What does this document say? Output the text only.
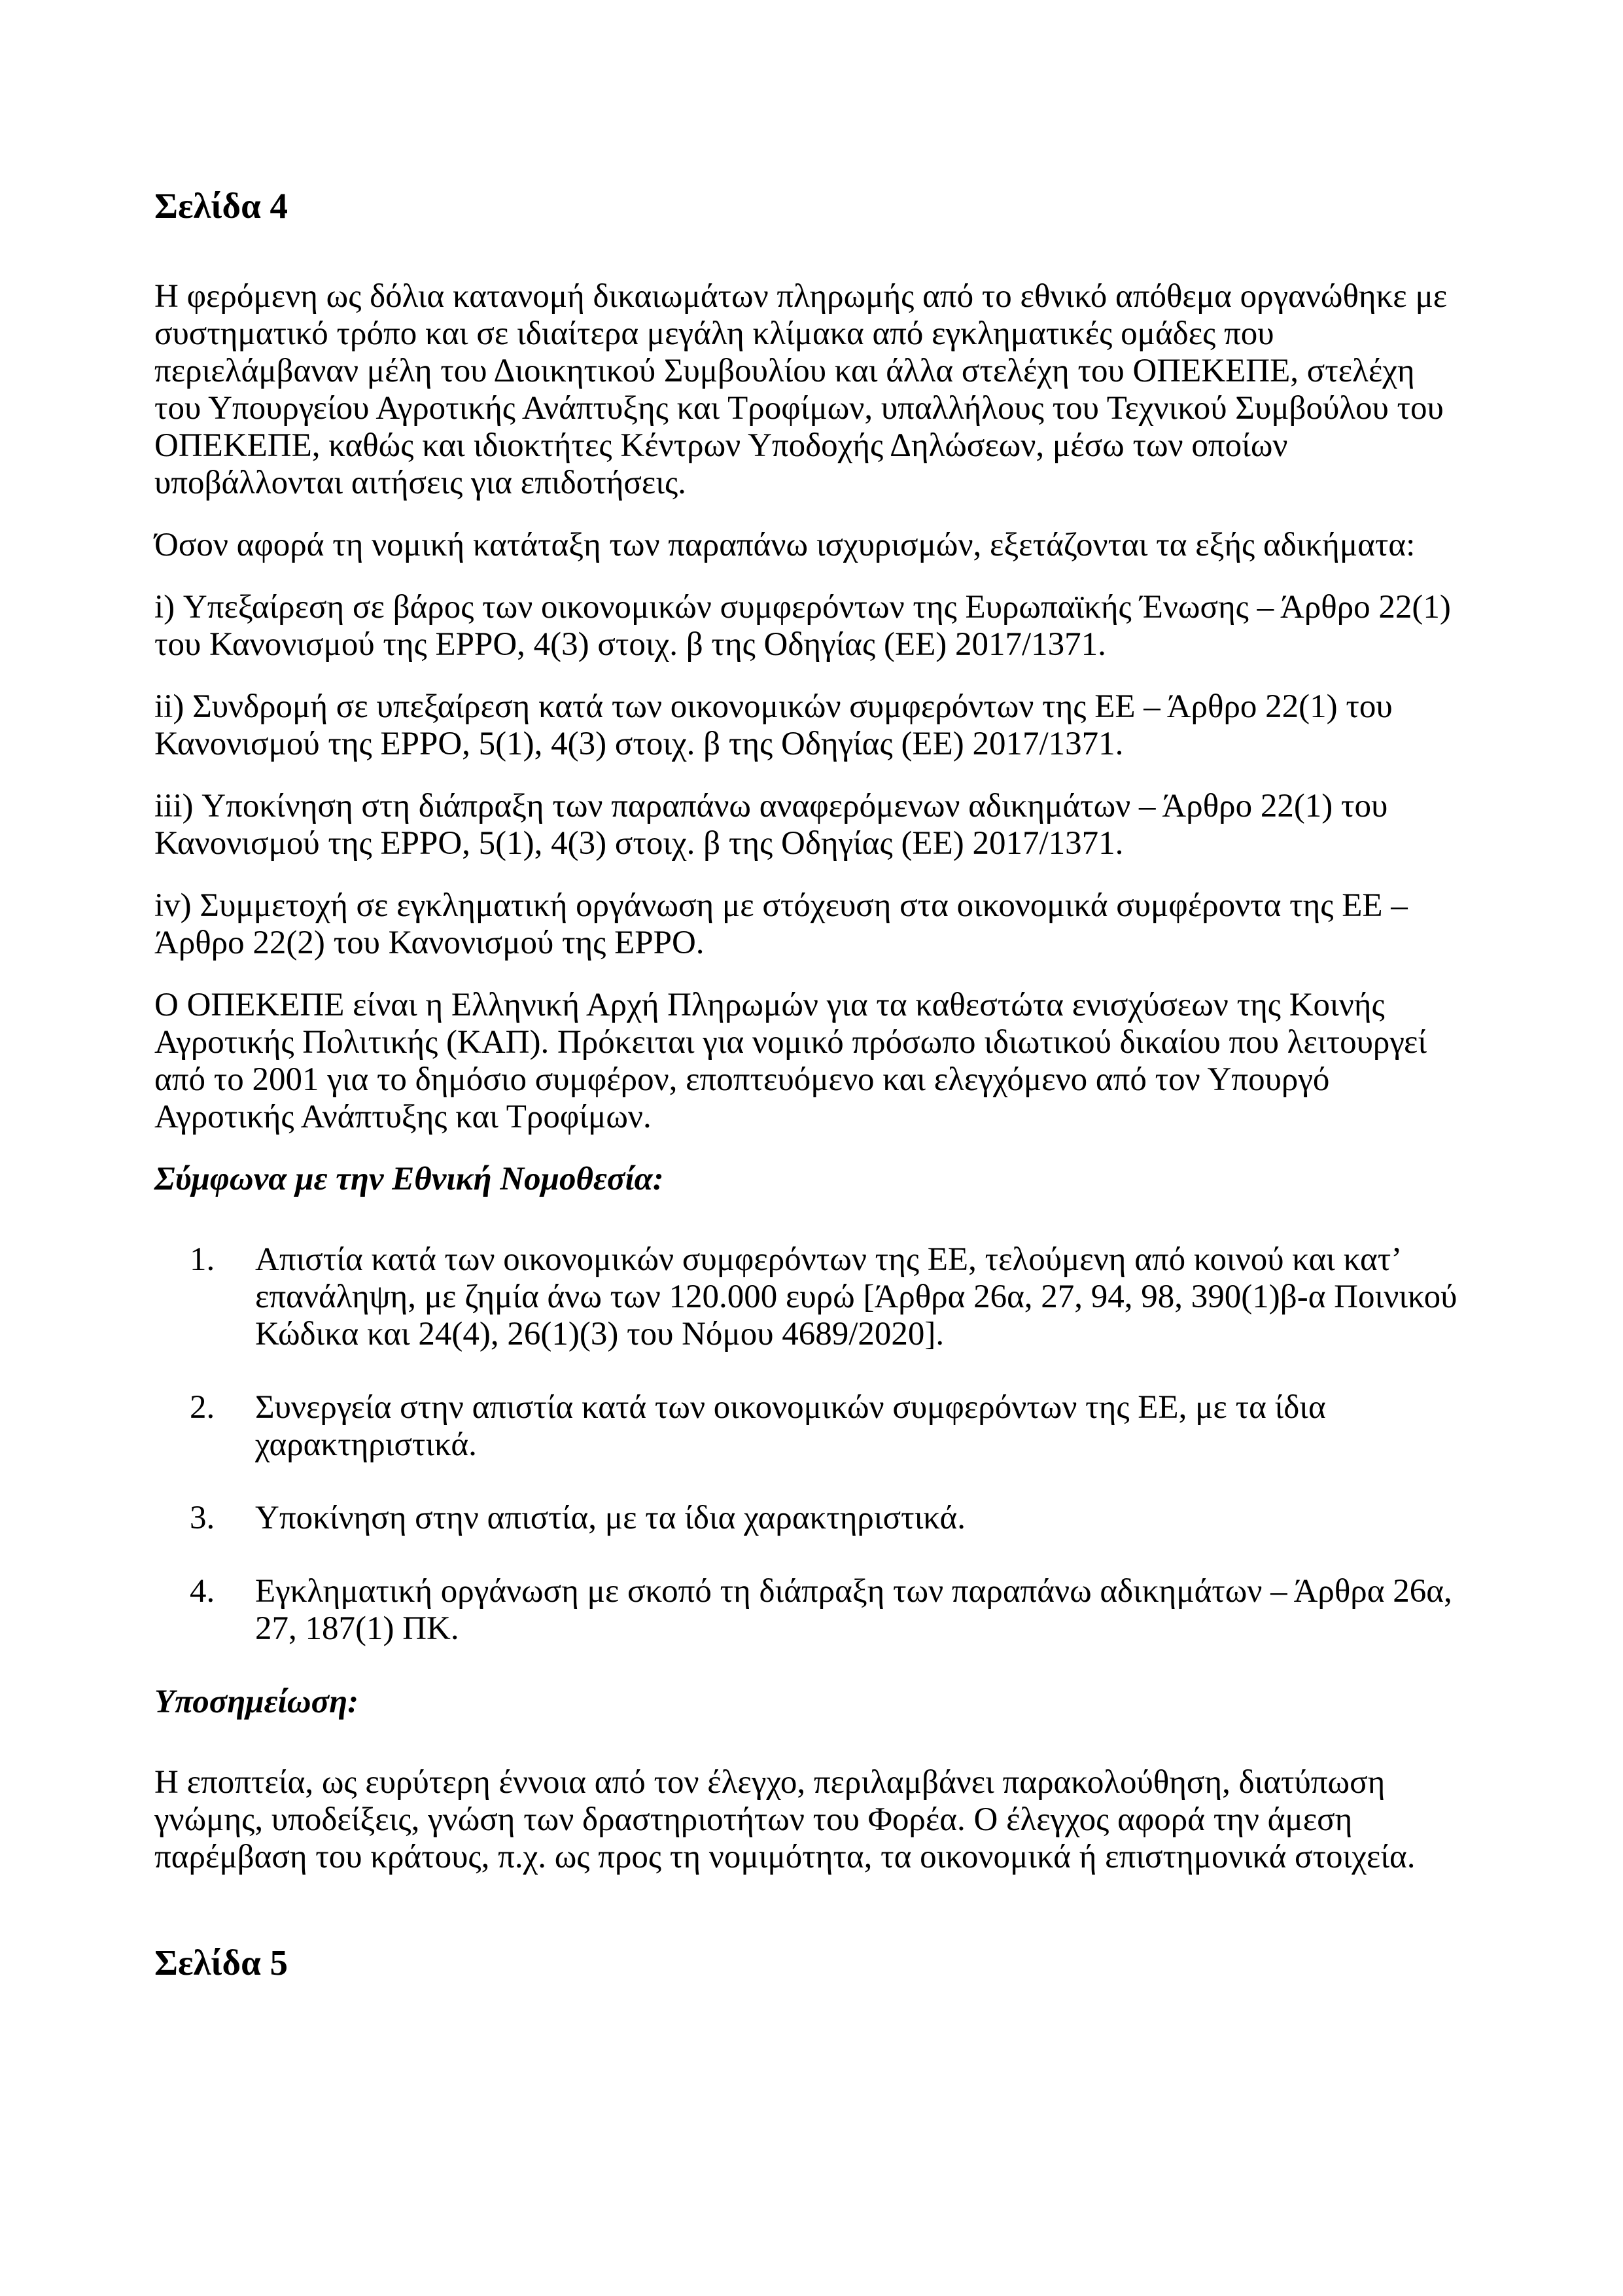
Σελίδα 4

Η φερόμενη ως δόλια κατανομή δικαιωμάτων πληρωμής από το εθνικό απόθεμα οργανώθηκε με συστηματικό τρόπο και σε ιδιαίτερα μεγάλη κλίμακα από εγκληματικές ομάδες που περιελάμβαναν μέλη του Διοικητικού Συμβουλίου και άλλα στελέχη του ΟΠΕΚΕΠΕ, στελέχη του Υπουργείου Αγροτικής Ανάπτυξης και Τροφίμων, υπαλλήλους του Τεχνικού Συμβούλου του ΟΠΕΚΕΠΕ, καθώς και ιδιοκτήτες Κέντρων Υποδοχής Δηλώσεων, μέσω των οποίων υποβάλλονται αιτήσεις για επιδοτήσεις.

Όσον αφορά τη νομική κατάταξη των παραπάνω ισχυρισμών, εξετάζονται τα εξής αδικήματα:

i) Υπεξαίρεση σε βάρος των οικονομικών συμφερόντων της Ευρωπαϊκής Ένωσης – Άρθρο 22(1) του Κανονισμού της EPPO, 4(3) στοιχ. β της Οδηγίας (ΕΕ) 2017/1371.

ii) Συνδρομή σε υπεξαίρεση κατά των οικονομικών συμφερόντων της ΕΕ – Άρθρο 22(1) του Κανονισμού της EPPO, 5(1), 4(3) στοιχ. β της Οδηγίας (ΕΕ) 2017/1371.

iii) Υποκίνηση στη διάπραξη των παραπάνω αναφερόμενων αδικημάτων – Άρθρο 22(1) του Κανονισμού της EPPO, 5(1), 4(3) στοιχ. β της Οδηγίας (ΕΕ) 2017/1371.

iv) Συμμετοχή σε εγκληματική οργάνωση με στόχευση στα οικονομικά συμφέροντα της ΕΕ – Άρθρο 22(2) του Κανονισμού της EPPO.

Ο ΟΠΕΚΕΠΕ είναι η Ελληνική Αρχή Πληρωμών για τα καθεστώτα ενισχύσεων της Κοινής Αγροτικής Πολιτικής (ΚΑΠ). Πρόκειται για νομικό πρόσωπο ιδιωτικού δικαίου που λειτουργεί από το 2001 για το δημόσιο συμφέρον, εποπτευόμενο και ελεγχόμενο από τον Υπουργό Αγροτικής Ανάπτυξης και Τροφίμων.

Σύμφωνα με την Εθνική Νομοθεσία:
1.	Απιστία κατά των οικονομικών συμφερόντων της ΕΕ, τελούμενη από κοινού και κατ’ επανάληψη, με ζημία άνω των 120.000 ευρώ [Άρθρα 26α, 27, 94, 98, 390(1)β-α Ποινικού Κώδικα και 24(4), 26(1)(3) του Νόμου 4689/2020].
2.	Συνεργεία στην απιστία κατά των οικονομικών συμφερόντων της ΕΕ, με τα ίδια χαρακτηριστικά.
3.	Υποκίνηση στην απιστία, με τα ίδια χαρακτηριστικά.
4.	Εγκληματική οργάνωση με σκοπό τη διάπραξη των παραπάνω αδικημάτων – Άρθρα 26α, 27, 187(1) ΠΚ.
Υποσημείωση:

Η εποπτεία, ως ευρύτερη έννοια από τον έλεγχο, περιλαμβάνει παρακολούθηση, διατύπωση γνώμης, υποδείξεις, γνώση των δραστηριοτήτων του Φορέα. Ο έλεγχος αφορά την άμεση παρέμβαση του κράτους, π.χ. ως προς τη νομιμότητα, τα οικονομικά ή επιστημονικά στοιχεία.

Σελίδα 5
